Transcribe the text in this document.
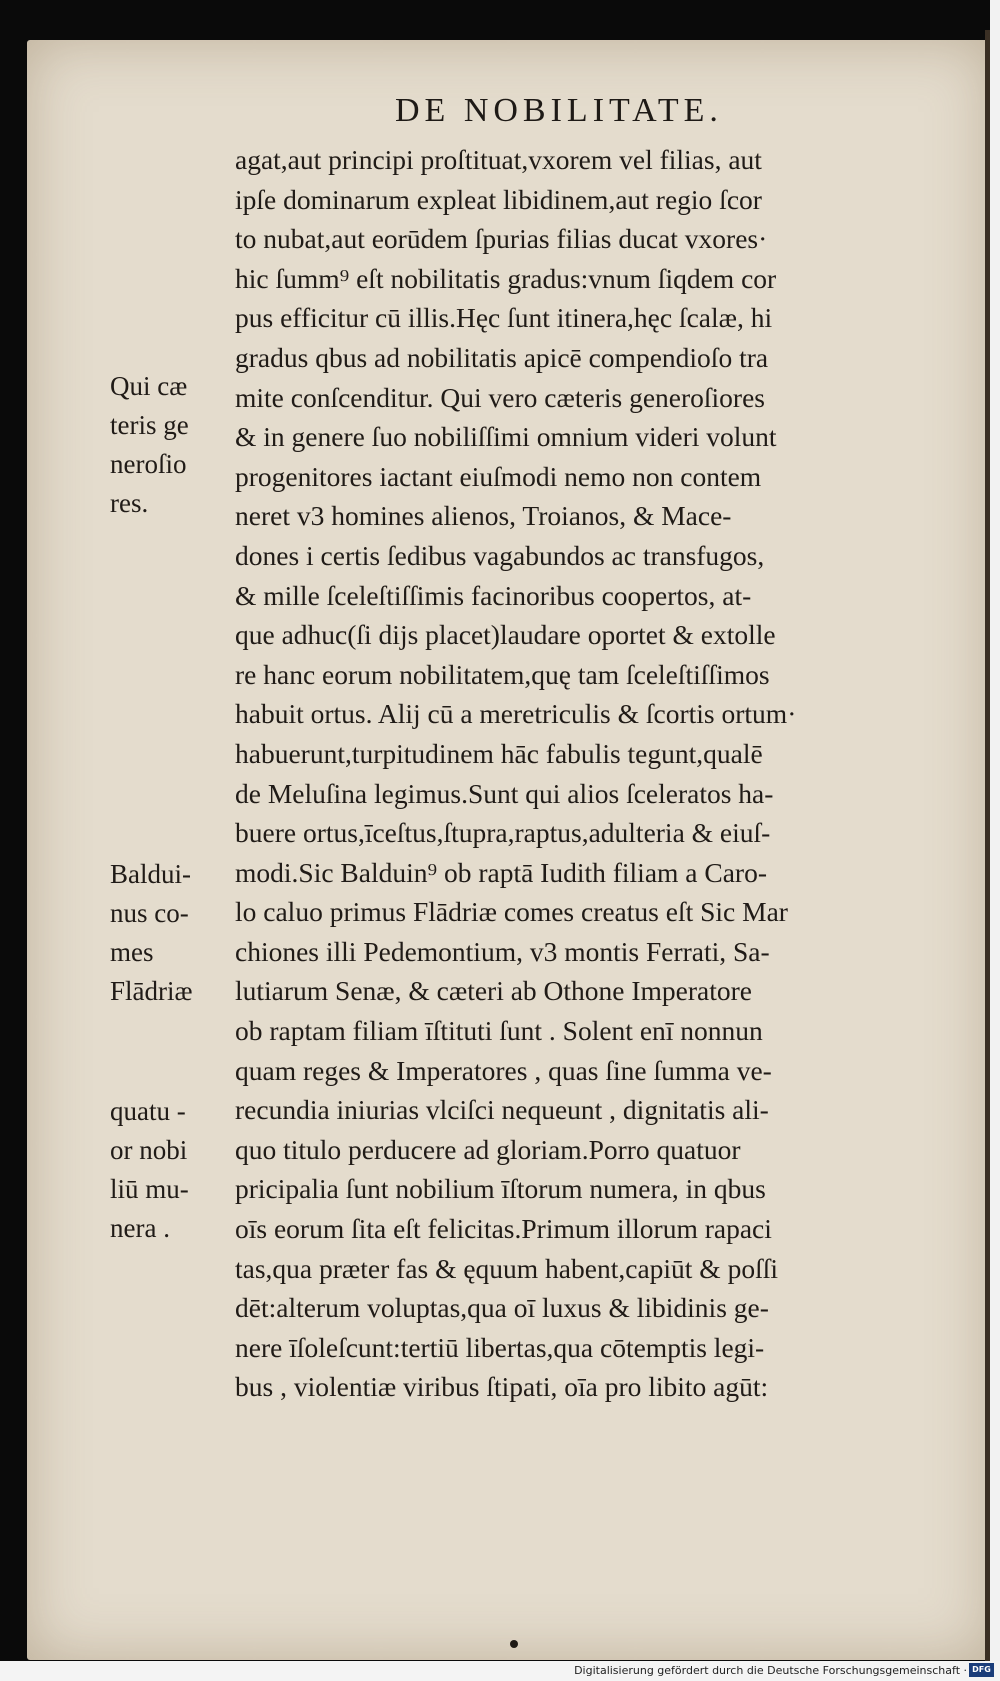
DE NOBILITATE.
agat,aut principi proſtituat,vxorem vel filias, aut
ipſe dominarum expleat libidinem,aut regio ſcor
to nubat,aut eorūdem ſpurias filias ducat vxores·
hic ſumm⁹ eſt nobilitatis gradus:vnum ſiqdem cor
pus efficitur cū illis.Hęc ſunt itinera,hęc ſcalæ, hi
gradus qbus ad nobilitatis apicē compendioſo tra
mite conſcenditur. Qui vero cæteris generoſiores
& in genere ſuo nobiliſſimi omnium videri volunt
progenitores iactant eiuſmodi nemo non contem
neret v3 homines alienos, Troianos, & Mace-
dones i certis ſedibus vagabundos ac transfugos,
& mille ſceleſtiſſimis facinoribus coopertos, at-
que adhuc(ſi dijs placet)laudare oportet & extolle
re hanc eorum nobilitatem,quę tam ſceleſtiſſimos
habuit ortus. Alij cū a meretriculis & ſcortis ortum·
habuerunt,turpitudinem hāc fabulis tegunt,qualē
de Meluſina legimus.Sunt qui alios ſceleratos ha-
buere ortus,īceſtus,ſtupra,raptus,adulteria & eiuſ-
modi.Sic Balduin⁹ ob raptā Iudith filiam a Caro-
lo caluo primus Flādriæ comes creatus eſt Sic Mar
chiones illi Pedemontium, v3 montis Ferrati, Sa-
lutiarum Senæ, & cæteri ab Othone Imperatore
ob raptam filiam īſtituti ſunt . Solent enī nonnun
quam reges & Imperatores , quas ſine ſumma ve-
recundia iniurias vlciſci nequeunt , dignitatis ali-
quo titulo perducere ad gloriam.Porro quatuor
pricipalia ſunt nobilium īſtorum numera, in qbus
oīs eorum ſita eſt felicitas.Primum illorum rapaci
tas,qua præter fas & ęquum habent,capiūt & poſſi
dēt:alterum voluptas,qua oī luxus & libidinis ge-
nere īſoleſcunt:tertiū libertas,qua cōtemptis legi-
bus , violentiæ viribus ſtipati, oīa pro libito agūt:
Qui cæ
teris ge
neroſio
res.
Baldui-
nus co-
mes
Flādriæ
quatu -
or nobi
liū mu-
nera .
Digitalisierung gefördert durch die Deutsche Forschungsgemeinschaft · DFG
